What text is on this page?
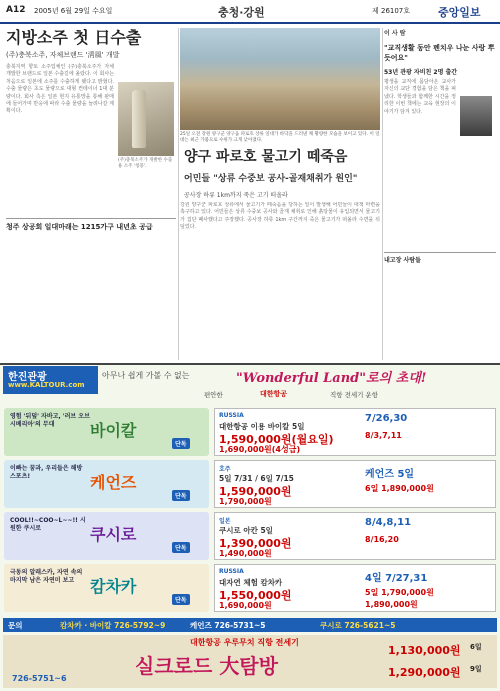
A12 2005년 6월 29일 수요일	충청·강원	제 26107호	중앙일보
지방소주 첫 日수출
(주)충북소주, 자체브랜드 '淸風' 개발
충북지역 향토 소주업체인 (주)충북소주가 자체 개발한 브랜드로 일본 수출길에 올랐다. 이 회사는 처음으로 일본에 소주를 수출하게 됐다고 밝혔다. 수출 물량은 초도 물량으로 대형 컨테이너 1대 분량이다. 회사 측은 일본 현지 유통망을 통해 판매에 들어가며 반응에 따라 수출 물량을 늘려나갈 계획이다.
(주)충북소주가 개발한 수출용 소주 '청풍'.
청주 상공회 일대마래는 1215가구 내년초 공급
25일 오전 강원 양구군 양구읍 파로호 상류 일대가 바닥을 드러낸 채 황량한 모습을 보이고 있다. 이 일대는 최근 가뭄으로 수위가 크게 낮아졌다.
양구 파로호 물고기 떼죽음
어민들 "상류 수중보 공사-골재채취가 원인"
공사장 하류 1km까지 죽은 고기 떠올라
강원 양구군 파로호 상류에서 물고기가 떼죽음을 당하는 일이 발생해 어민들이 대책 마련을 촉구하고 있다. 어민들은 상류 수중보 공사와 골재 채취로 인해 흙탕물이 유입되면서 물고기가 집단 폐사했다고 주장했다. 공사장 하류 1km 구간까지 죽은 물고기가 떠올라 수면을 뒤덮었다.
이 사 람
"교직생활 동안 펜치우 나눈 사랑 뿌듯어요"
53년 관광 자비친 2명 출간
평생을 교직에 몸담아온 교사가 자신의 교단 경험을 담은 책을 펴냈다. 학생들과 함께한 시간을 정리한 이번 책에는 교육 현장의 이야기가 담겨 있다.
내고장 사람들
한진관광
www.KALTOUR.com
아무나 쉽게 가볼 수 없는	"Wonderful Land"로의 초대!
편안한	대한항공	직항 전세기 운항
영험 '뒤덮' 자바고, '러브 오브 시베리아'의 무대	바이칼
단독
이빠는 꿈과, 우리들은 해방 스포츠!	케언즈
단독
COOL!!~COO~L~~!! 시원한 쿠시로	쿠시로
단독
극동의 알래스카, 자연 속의 마지막 남은 자연미 보고 캄차카
단독
RUSSIA
대한항공 이용 바이칼 5일
1,590,000원(월요일)
1,690,000원(4성급)
7/26,30
8/3,7,11
호주
5일 7/31 / 6일 7/15
1,590,000원
1,790,000원
케언즈 5일
6일 1,890,000원
일본
쿠시로 아칸 5일
1,390,000원
1,490,000원
8/4,8,11
8/16,20
RUSSIA
대자연 체험 캄차카
1,550,000원
1,690,000원
4일 7/27,31
5일 1,790,000원
1,890,000원
문의	캄차카 · 바이칼 726-5792~9	케언즈 726-5731~5	쿠시로 726-5621~5
대한항공 우루무치 직항 전세기
실크로드 大탐방
726-5751~6
1,130,000원 6일
1,290,000원 9일
